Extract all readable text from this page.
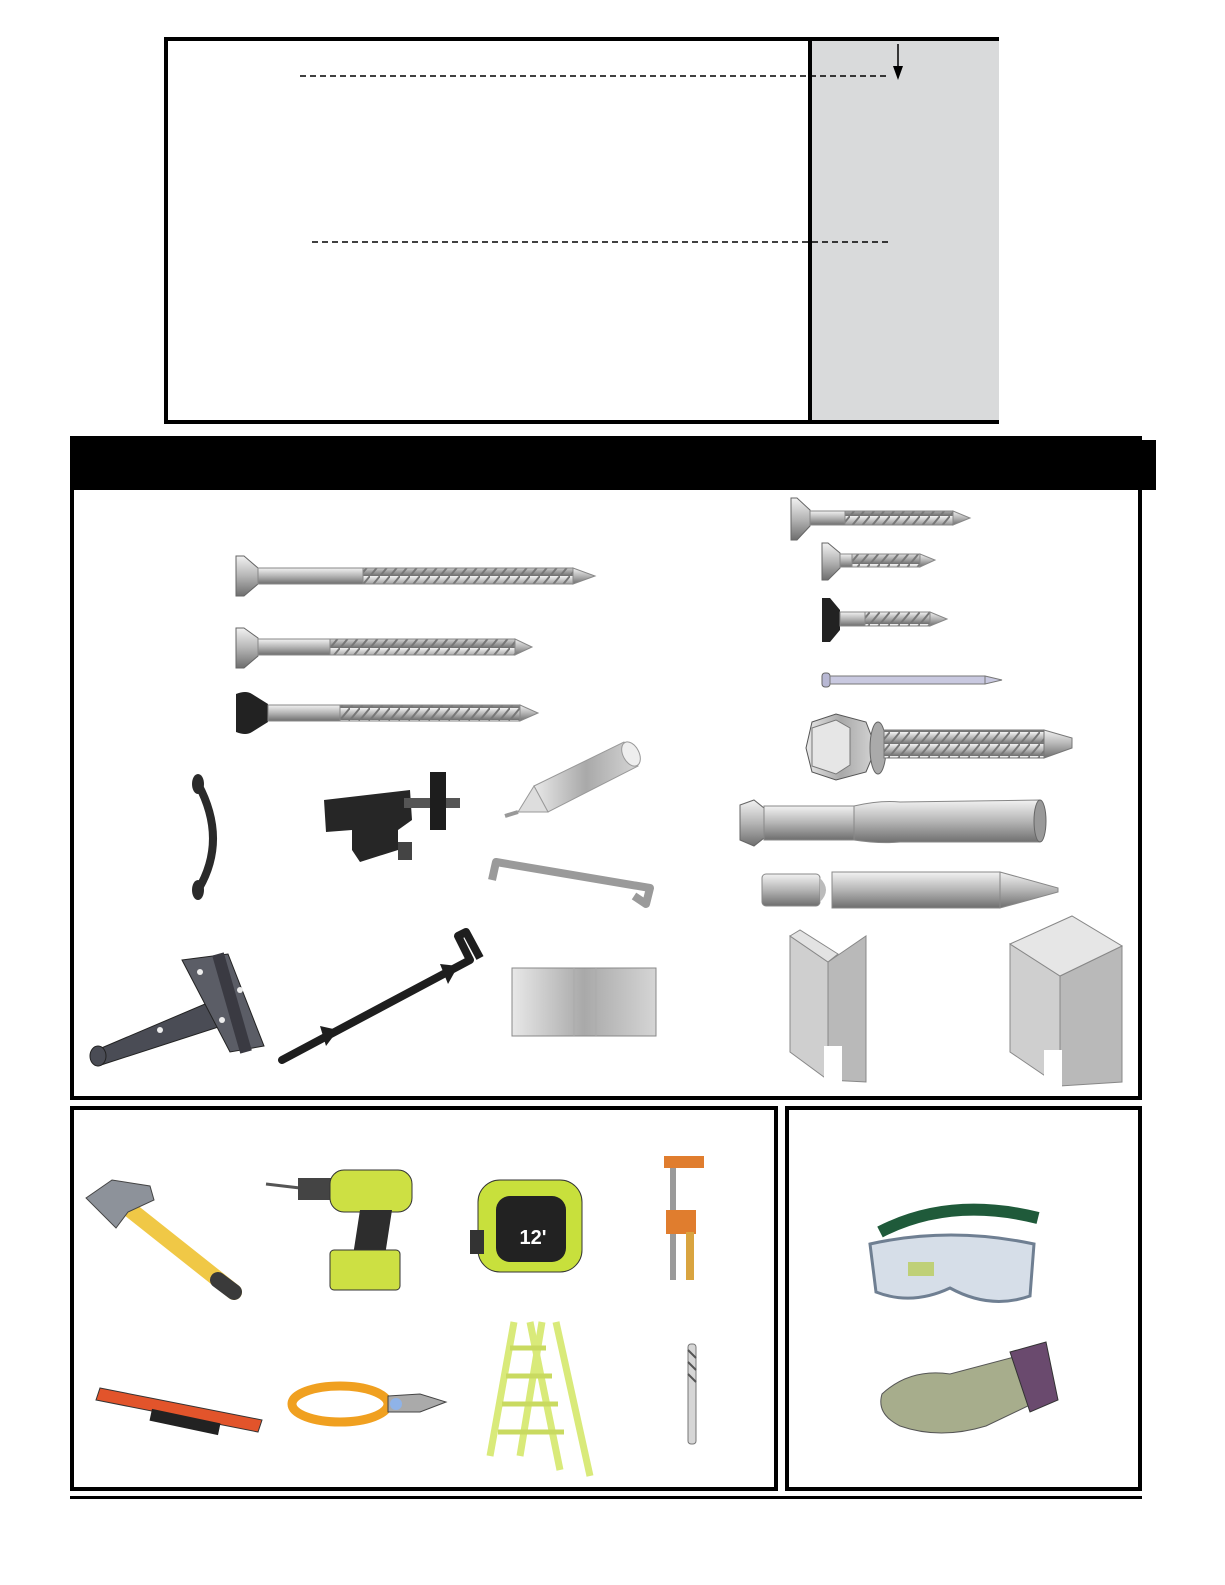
12'
